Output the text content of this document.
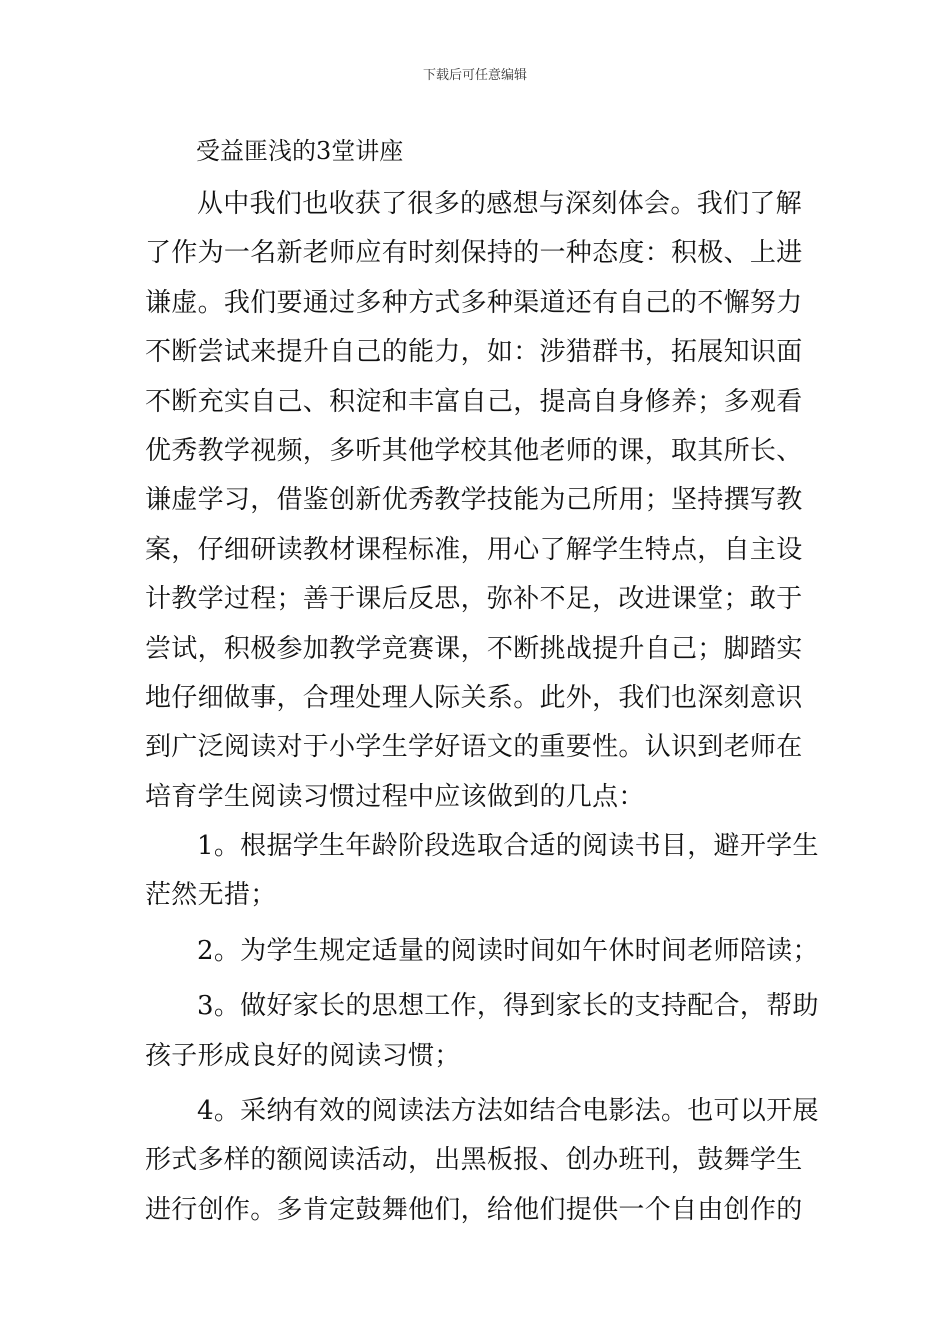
下载后可任意编辑
受益匪浅的3堂讲座
从中我们也收获了很多的感想与深刻体会。我们了解
了作为一名新老师应有时刻保持的一种态度：积极、上进
谦虚。我们要通过多种方式多种渠道还有自己的不懈努力
不断尝试来提升自己的能力，如：涉猎群书，拓展知识面
不断充实自己、积淀和丰富自己，提高自身修养；多观看
优秀教学视频，多听其他学校其他老师的课，取其所长、
谦虚学习，借鉴创新优秀教学技能为己所用；坚持撰写教
案，仔细研读教材课程标准，用心了解学生特点，自主设
计教学过程；善于课后反思，弥补不足，改进课堂；敢于
尝试，积极参加教学竞赛课，不断挑战提升自己；脚踏实
地仔细做事，合理处理人际关系。此外，我们也深刻意识
到广泛阅读对于小学生学好语文的重要性。认识到老师在
培育学生阅读习惯过程中应该做到的几点：
1。根据学生年龄阶段选取合适的阅读书目，避开学生
茫然无措；
2。为学生规定适量的阅读时间如午休时间老师陪读；
3。做好家长的思想工作，得到家长的支持配合，帮助
孩子形成良好的阅读习惯；
4。采纳有效的阅读法方法如结合电影法。也可以开展
形式多样的额阅读活动，出黑板报、创办班刊，鼓舞学生
进行创作。多肯定鼓舞他们，给他们提供一个自由创作的
